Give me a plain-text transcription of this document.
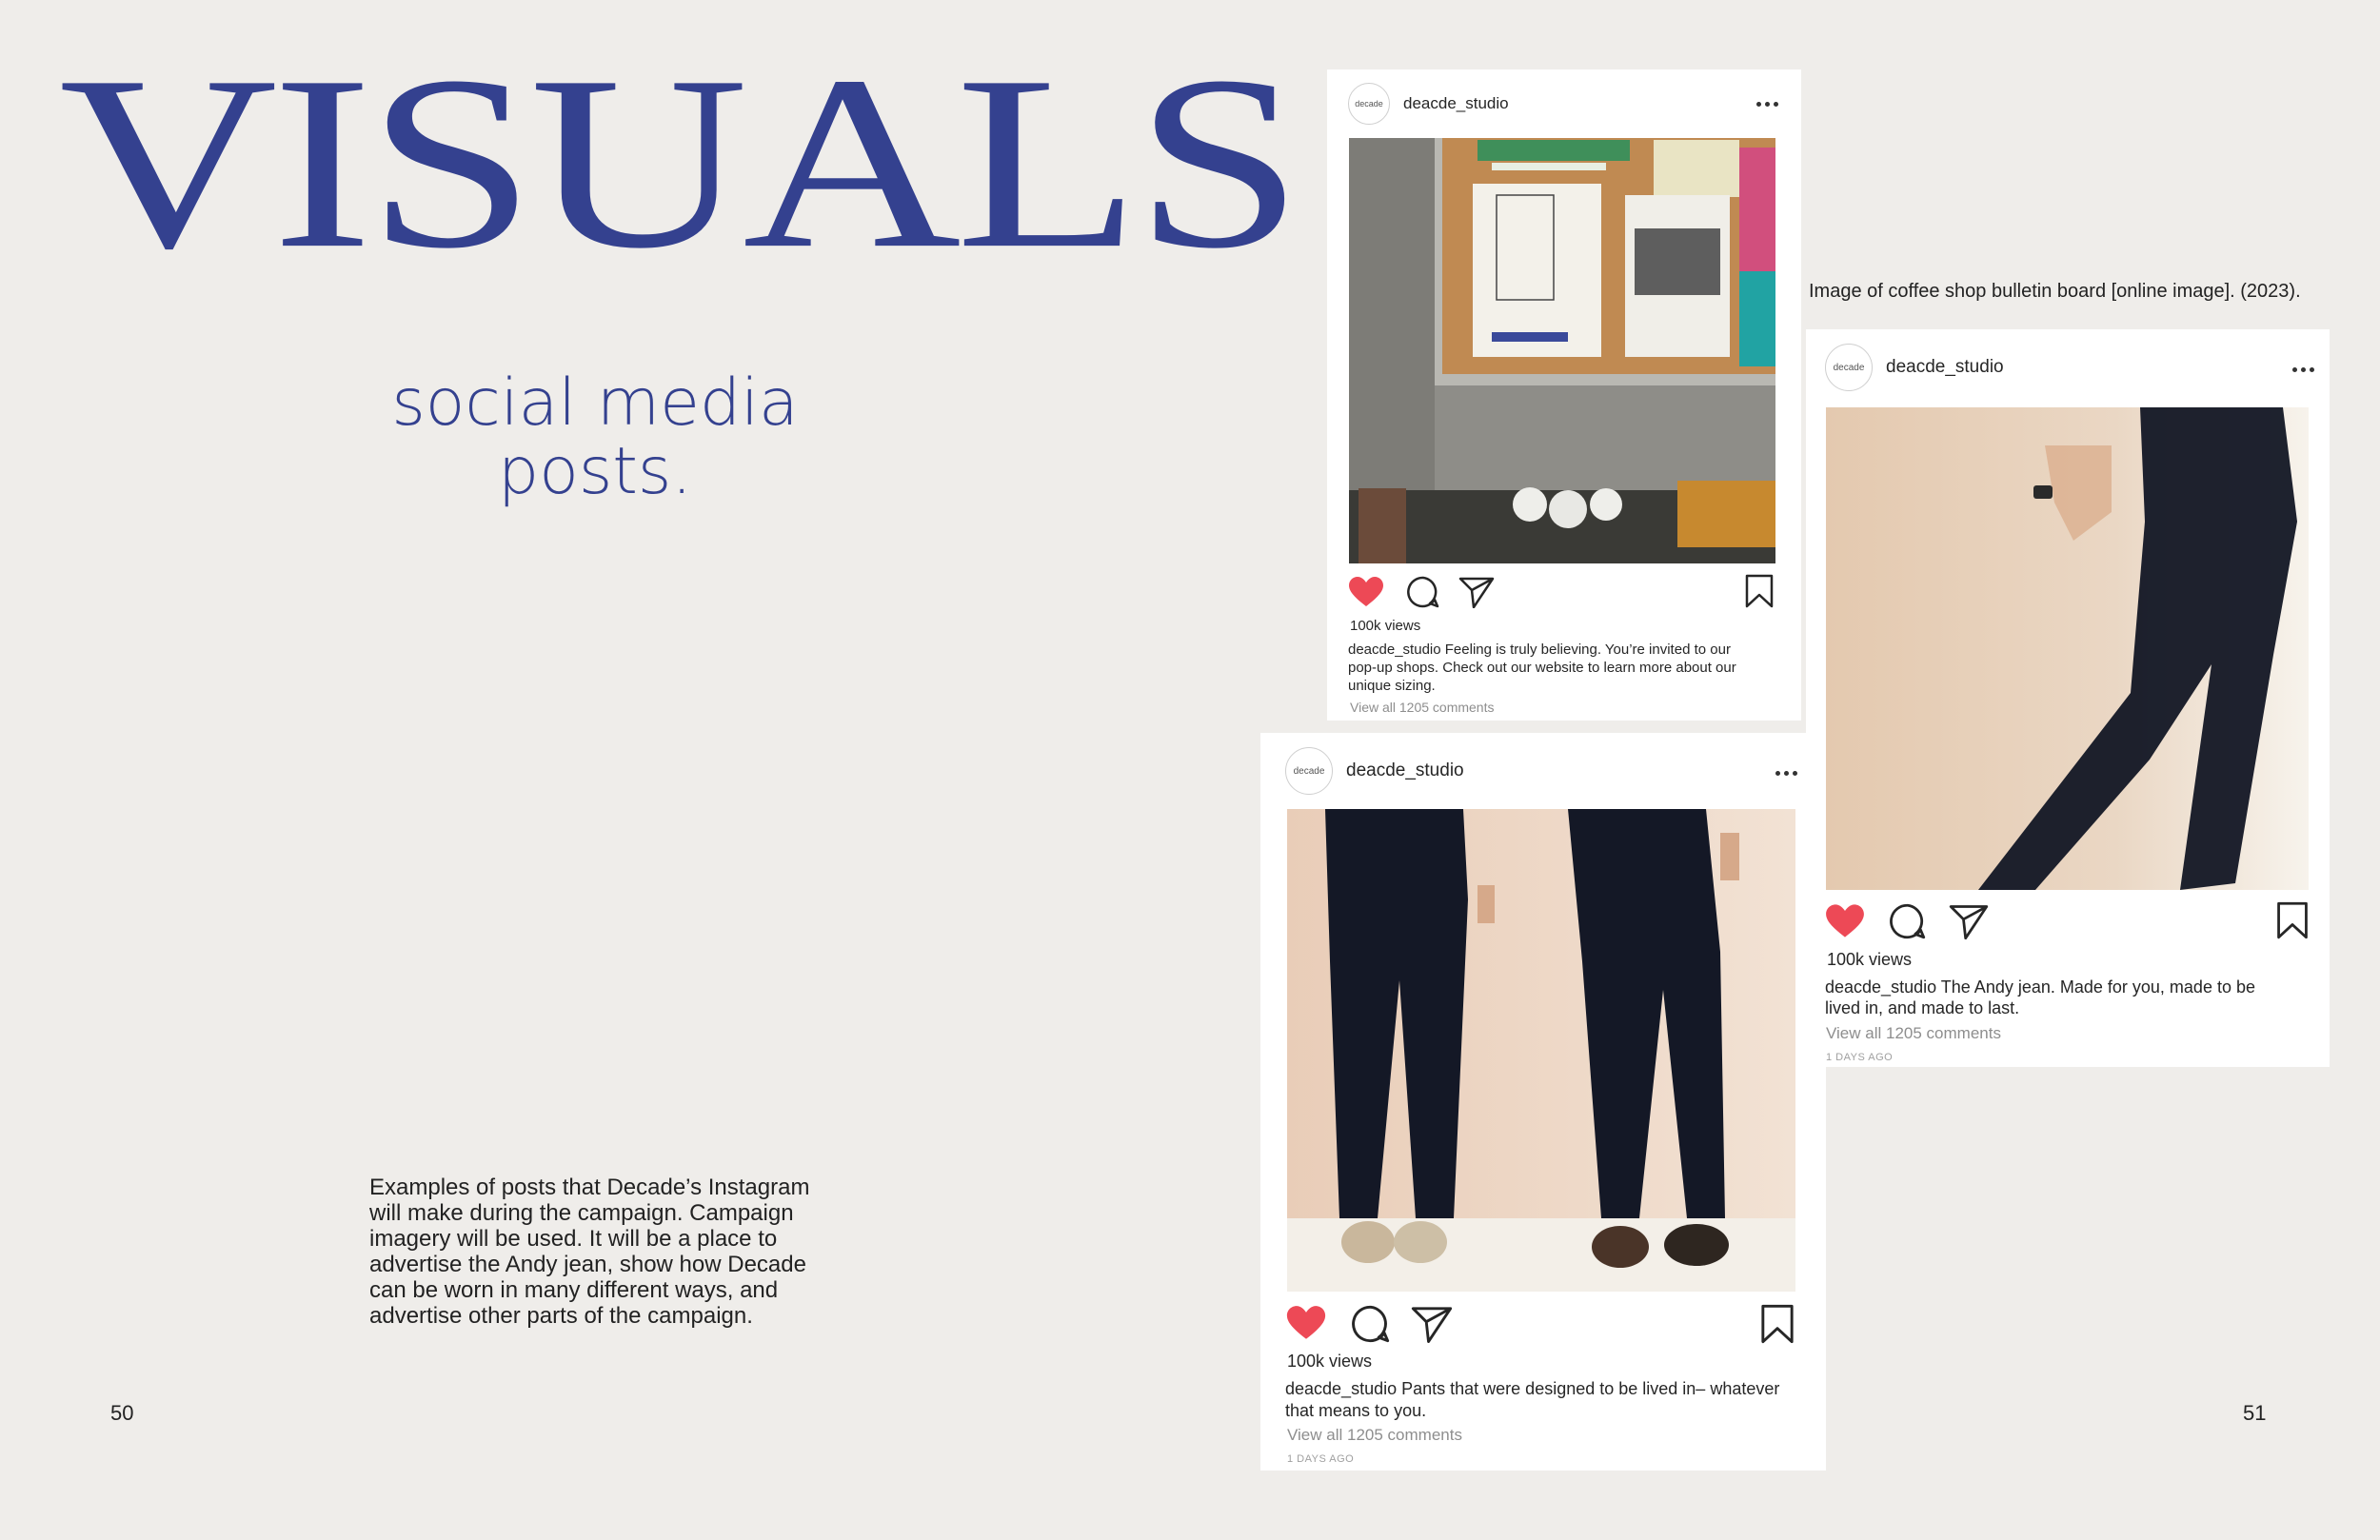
VISUALS
social media
posts.
Examples of posts that Decade’s Instagram will make during the campaign. Campaign imagery will be used. It will be a place to advertise the Andy jean, show how Decade can be worn in many different ways, and advertise other parts of the campaign.
50	51
Image of coffee shop bulletin board [online image]. (2023).
decade	deacde_studio
100k views
deacde_studio Feeling is truly believing. You’re invited to our pop-up shops. Check out our website to learn more about our unique sizing.
View all 1205 comments
decade	deacde_studio
100k views
deacde_studio Pants that were designed to be lived in– whatever that means to you.
View all 1205 comments
1 DAYS AGO
decade	deacde_studio
100k views
deacde_studio The Andy jean. Made for you, made to be lived in, and made to last.
View all 1205 comments
1 DAYS AGO
